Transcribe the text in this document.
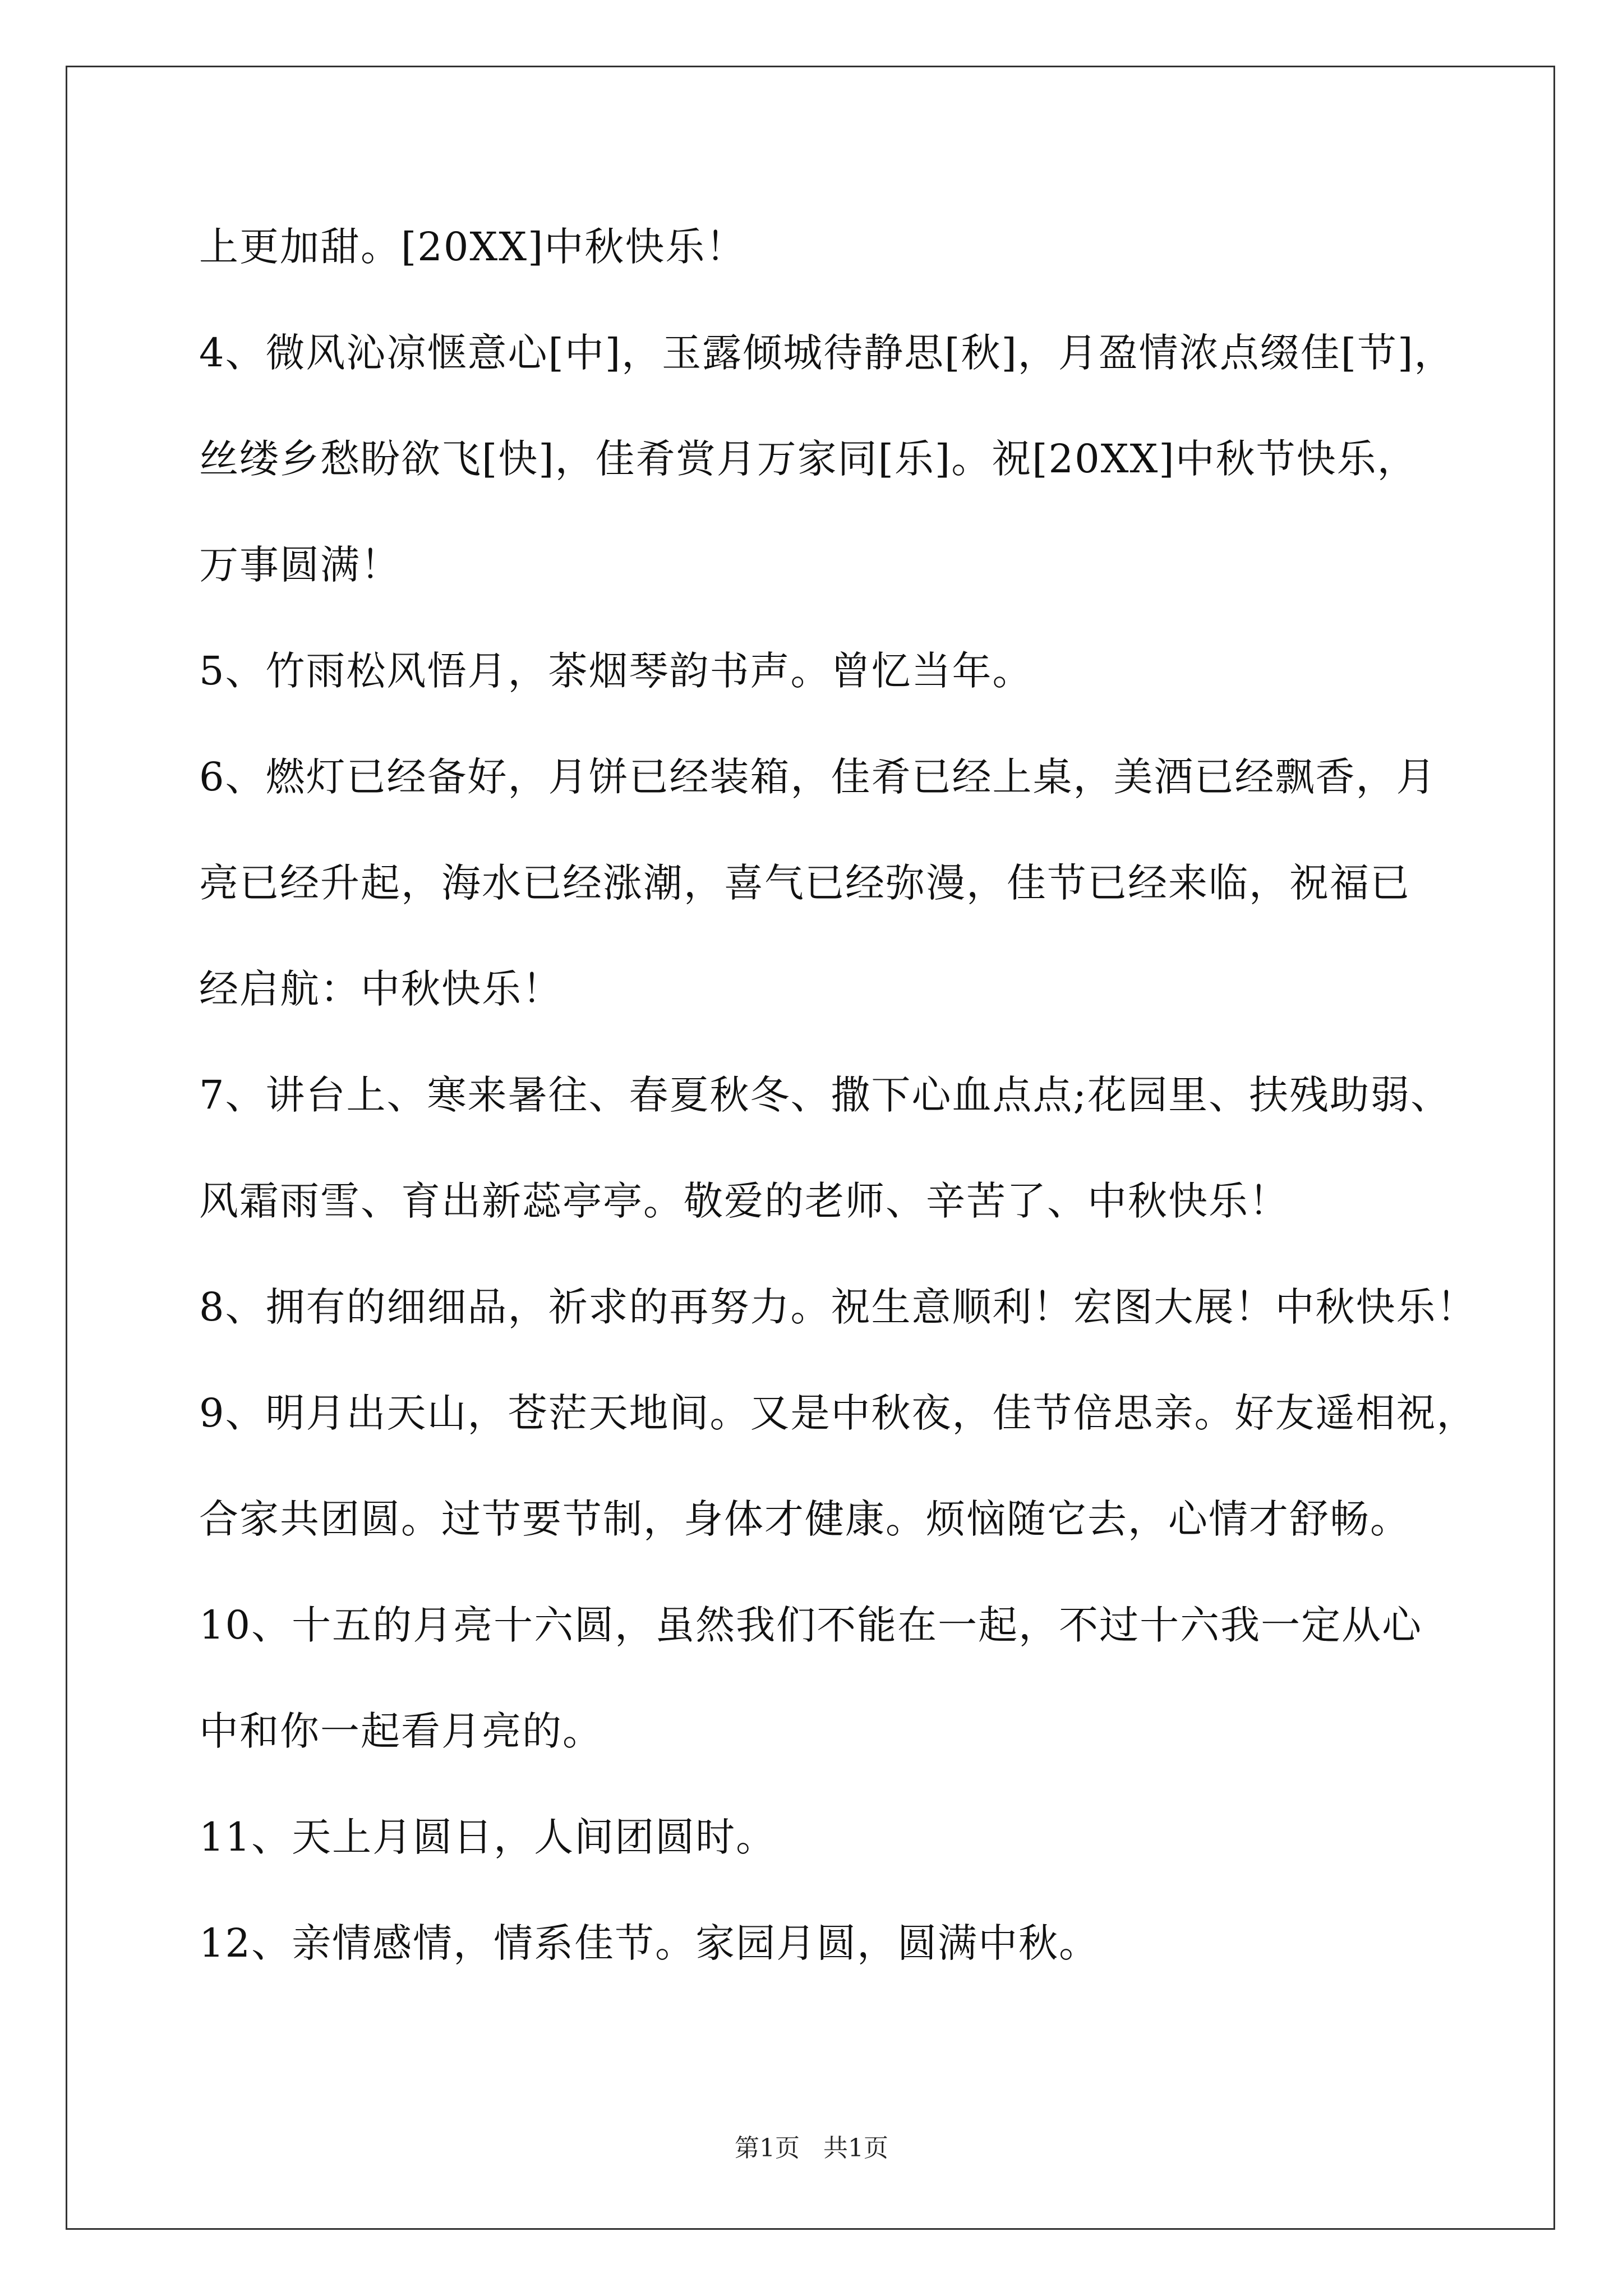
上更加甜。[20XX]中秋快乐！
4、微风沁凉惬意心[中]，玉露倾城待静思[秋]，月盈情浓点缀佳[节]，
丝缕乡愁盼欲飞[快]，佳肴赏月万家同[乐]。祝[20XX]中秋节快乐，
万事圆满！
5、竹雨松风悟月，茶烟琴韵书声。曾忆当年。
6、燃灯已经备好，月饼已经装箱，佳肴已经上桌，美酒已经飘香，月
亮已经升起，海水已经涨潮，喜气已经弥漫，佳节已经来临，祝福已
经启航：中秋快乐！
7、讲台上、寒来暑往、春夏秋冬、撒下心血点点;花园里、扶残助弱、
风霜雨雪、育出新蕊亭亭。敬爱的老师、辛苦了、中秋快乐！
8、拥有的细细品，祈求的再努力。祝生意顺利！宏图大展！中秋快乐！
9、明月出天山，苍茫天地间。又是中秋夜，佳节倍思亲。好友遥相祝，
合家共团圆。过节要节制，身体才健康。烦恼随它去，心情才舒畅。
10、十五的月亮十六圆，虽然我们不能在一起，不过十六我一定从心
中和你一起看月亮的。
11、天上月圆日，人间团圆时。
12、亲情感情，情系佳节。家园月圆，圆满中秋。
第1页   共1页
